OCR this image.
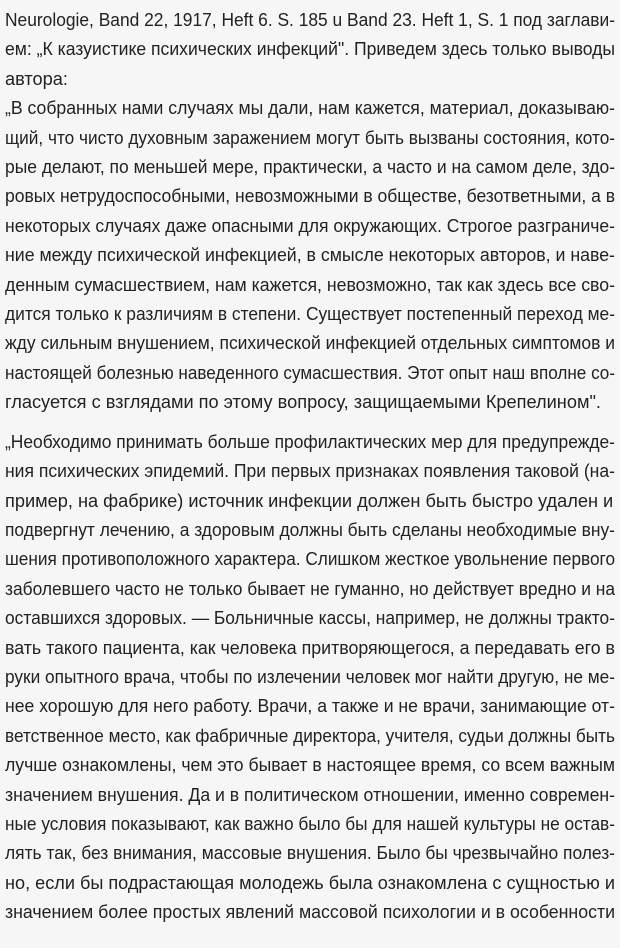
Neurologie, Band 22, 1917, Heft 6. S. 185 u Band 23. Heft 1, S. 1 под заглави-
ем: „К казуистике психических инфекций". Приведем здесь только выводы
автора:
„В собранных нами случаях мы дали, нам кажется, материал, доказываю-
щий, что чисто духовным заражением могут быть вызваны состояния, кото-
рые делают, по меньшей мере, практически, а часто и на самом деле, здо-
ровых нетрудоспособными, невозможными в обществе, безответными, а в
некоторых случаях даже опасными для окружающих. Строгое разграниче-
ние между психической инфекцией, в смысле некоторых авторов, и наве-
денным сумасшествием, нам кажется, невозможно, так как здесь все сво-
дится только к различиям в степени. Существует постепенный переход ме-
жду сильным внушением, психической инфекцией отдельных симптомов и
настоящей болезнью наведенного сумасшествия. Этот опыт наш вполне со-
гласуется с взглядами по этому вопросу, защищаемыми Крепелином".
„Необходимо принимать больше профилактических мер для предупрежде-
ния психических эпидемий. При первых признаках появления таковой (на-
пример, на фабрике) источник инфекции должен быть быстро удален и
подвергнут лечению, а здоровым должны быть сделаны необходимые вну-
шения противоположного характера. Слишком жесткое увольнение первого
заболевшего часто не только бывает не гуманно, но действует вредно и на
оставшихся здоровых. — Больничные кассы, например, не должны тракто-
вать такого пациента, как человека притворяющегося, а передавать его в
руки опытного врача, чтобы по излечении человек мог найти другую, не ме-
нее хорошую для него работу. Врачи, а также и не врачи, занимающие от-
ветственное место, как фабричные директора, учителя, судьи должны быть
лучше ознакомлены, чем это бывает в настоящее время, со всем важным
значением внушения. Да и в политическом отношении, именно современ-
ные условия показывают, как важно было бы для нашей культуры не остав-
лять так, без внимания, массовые внушения. Было бы чрезвычайно полез-
но, если бы подрастающая молодежь была ознакомлена с сущностью и
значением более простых явлений массовой психологии и в особенности
